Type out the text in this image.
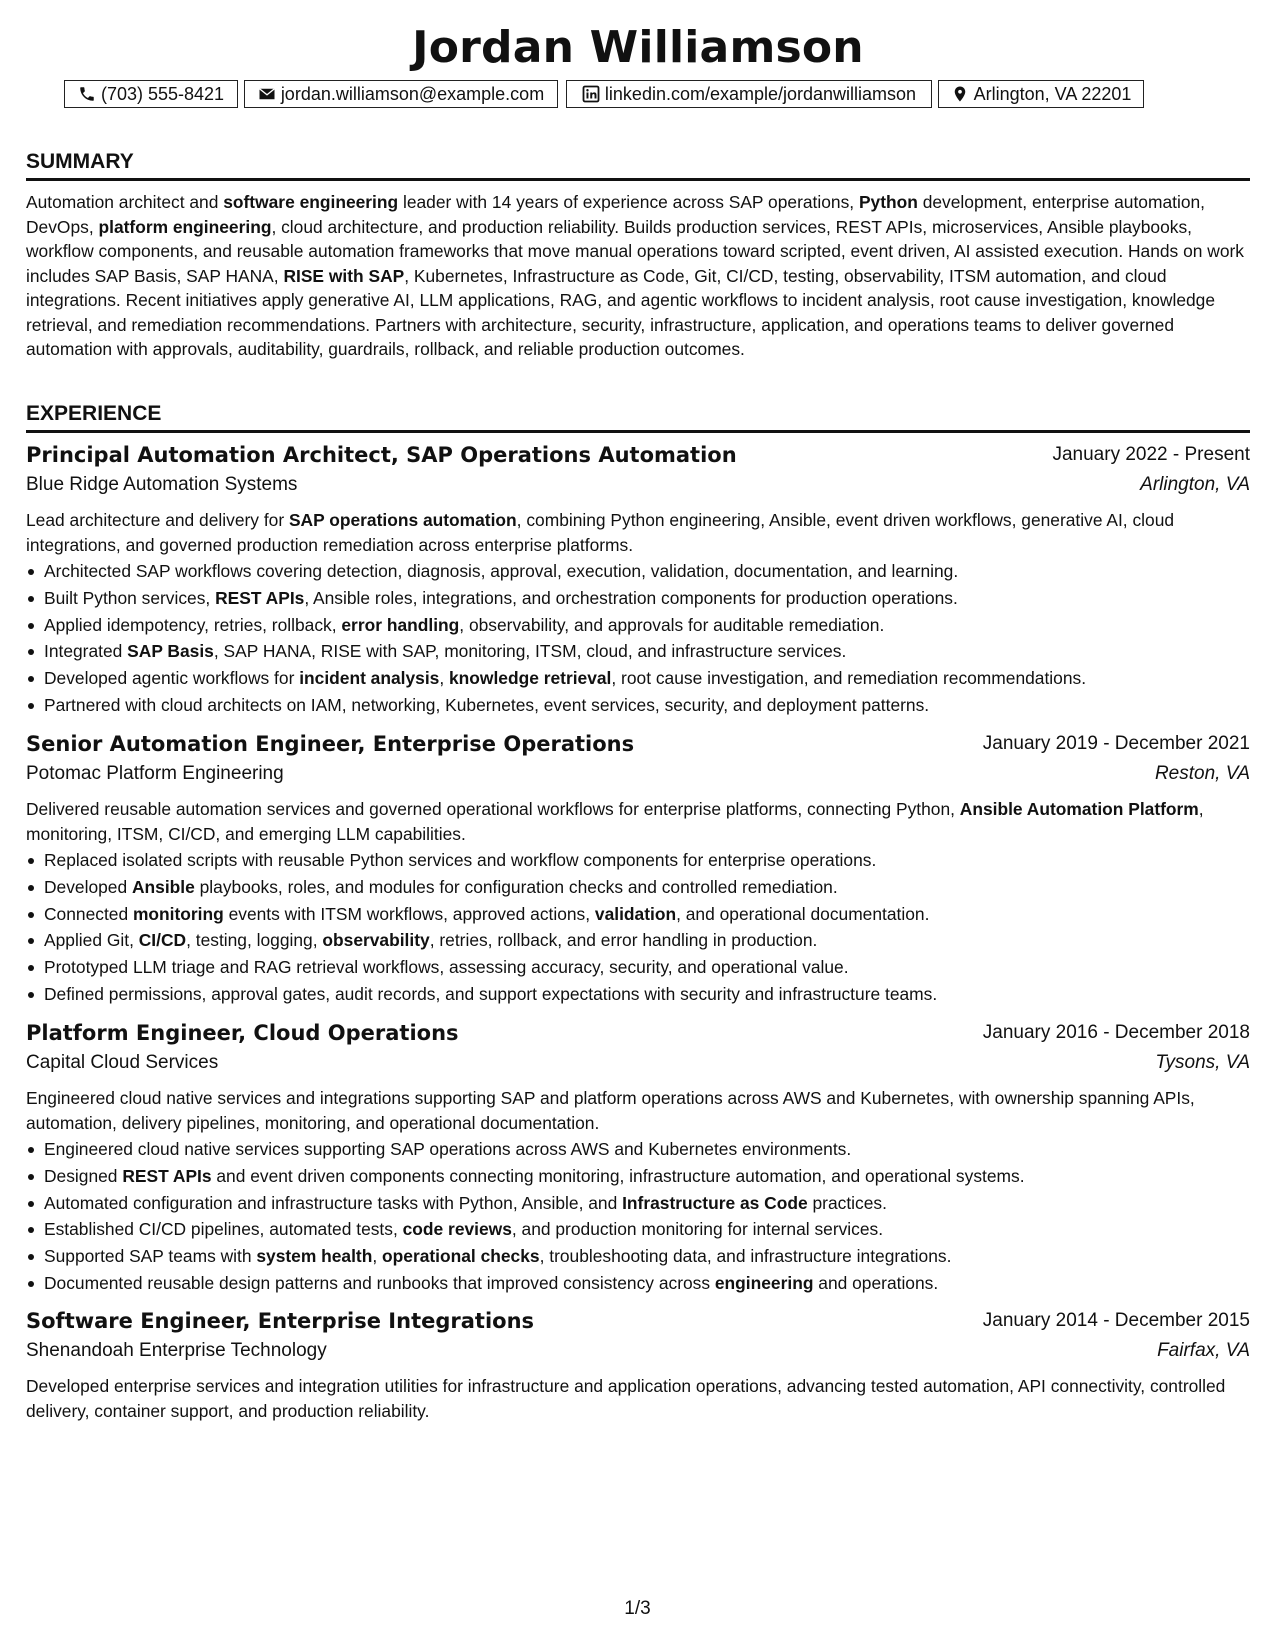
Jordan Williamson
(703) 555-8421	jordan.williamson@example.com	linkedin.com/example/jordanwilliamson	Arlington, VA 22201
SUMMARY
Automation architect and software engineering leader with 14 years of experience across SAP operations, Python development, enterprise automation, DevOps, platform engineering, cloud architecture, and production reliability. Builds production services, REST APIs, microservices, Ansible playbooks, workflow components, and reusable automation frameworks that move manual operations toward scripted, event driven, AI assisted execution. Hands on work includes SAP Basis, SAP HANA, RISE with SAP, Kubernetes, Infrastructure as Code, Git, CI/CD, testing, observability, ITSM automation, and cloud integrations. Recent initiatives apply generative AI, LLM applications, RAG, and agentic workflows to incident analysis, root cause investigation, knowledge retrieval, and remediation recommendations. Partners with architecture, security, infrastructure, application, and operations teams to deliver governed automation with approvals, auditability, guardrails, rollback, and reliable production outcomes.
EXPERIENCE
Principal Automation Architect, SAP Operations Automation	January 2022 - Present
Blue Ridge Automation Systems	Arlington, VA
Lead architecture and delivery for SAP operations automation, combining Python engineering, Ansible, event driven workflows, generative AI, cloud integrations, and governed production remediation across enterprise platforms.
Architected SAP workflows covering detection, diagnosis, approval, execution, validation, documentation, and learning.
Built Python services, REST APIs, Ansible roles, integrations, and orchestration components for production operations.
Applied idempotency, retries, rollback, error handling, observability, and approvals for auditable remediation.
Integrated SAP Basis, SAP HANA, RISE with SAP, monitoring, ITSM, cloud, and infrastructure services.
Developed agentic workflows for incident analysis, knowledge retrieval, root cause investigation, and remediation recommendations.
Partnered with cloud architects on IAM, networking, Kubernetes, event services, security, and deployment patterns.
Senior Automation Engineer, Enterprise Operations	January 2019 - December 2021
Potomac Platform Engineering	Reston, VA
Delivered reusable automation services and governed operational workflows for enterprise platforms, connecting Python, Ansible Automation Platform, monitoring, ITSM, CI/CD, and emerging LLM capabilities.
Replaced isolated scripts with reusable Python services and workflow components for enterprise operations.
Developed Ansible playbooks, roles, and modules for configuration checks and controlled remediation.
Connected monitoring events with ITSM workflows, approved actions, validation, and operational documentation.
Applied Git, CI/CD, testing, logging, observability, retries, rollback, and error handling in production.
Prototyped LLM triage and RAG retrieval workflows, assessing accuracy, security, and operational value.
Defined permissions, approval gates, audit records, and support expectations with security and infrastructure teams.
Platform Engineer, Cloud Operations	January 2016 - December 2018
Capital Cloud Services	Tysons, VA
Engineered cloud native services and integrations supporting SAP and platform operations across AWS and Kubernetes, with ownership spanning APIs, automation, delivery pipelines, monitoring, and operational documentation.
Engineered cloud native services supporting SAP operations across AWS and Kubernetes environments.
Designed REST APIs and event driven components connecting monitoring, infrastructure automation, and operational systems.
Automated configuration and infrastructure tasks with Python, Ansible, and Infrastructure as Code practices.
Established CI/CD pipelines, automated tests, code reviews, and production monitoring for internal services.
Supported SAP teams with system health, operational checks, troubleshooting data, and infrastructure integrations.
Documented reusable design patterns and runbooks that improved consistency across engineering and operations.
Software Engineer, Enterprise Integrations	January 2014 - December 2015
Shenandoah Enterprise Technology	Fairfax, VA
Developed enterprise services and integration utilities for infrastructure and application operations, advancing tested automation, API connectivity, controlled delivery, container support, and production reliability.
1/3
